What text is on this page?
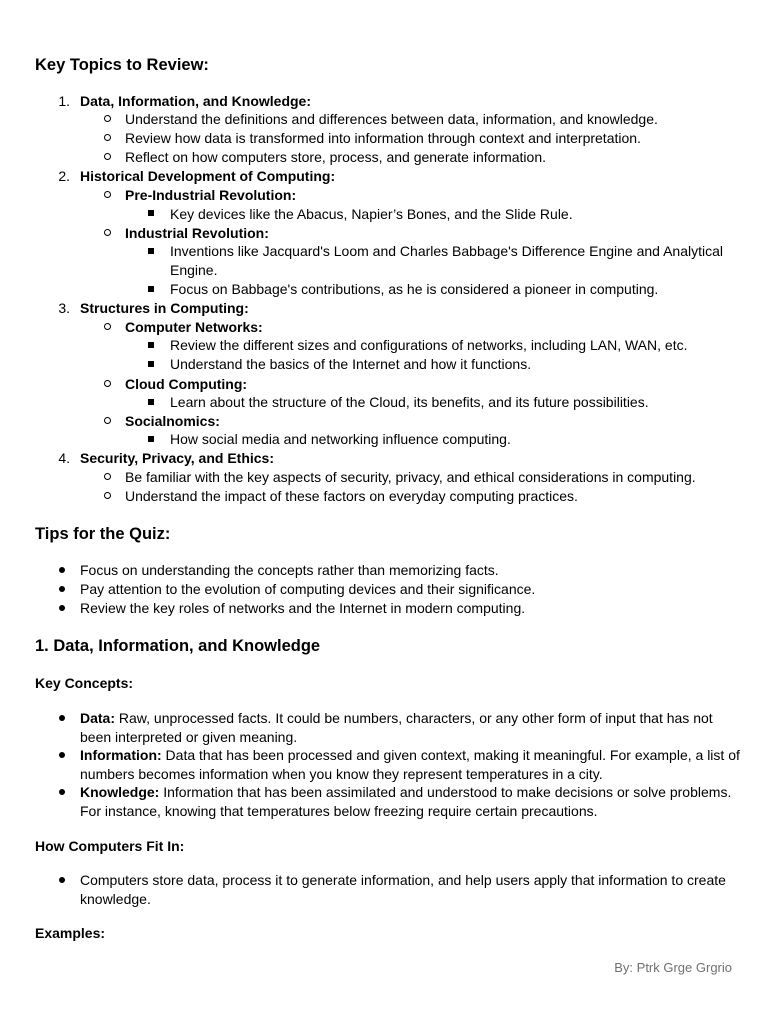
Key Topics to Review:
1. Data, Information, and Knowledge:
Understand the definitions and differences between data, information, and knowledge.
Review how data is transformed into information through context and interpretation.
Reflect on how computers store, process, and generate information.
2. Historical Development of Computing:
Pre-Industrial Revolution:
Key devices like the Abacus, Napier’s Bones, and the Slide Rule.
Industrial Revolution:
Inventions like Jacquard's Loom and Charles Babbage's Difference Engine and Analytical
Engine.
Focus on Babbage's contributions, as he is considered a pioneer in computing.
3. Structures in Computing:
Computer Networks:
Review the different sizes and configurations of networks, including LAN, WAN, etc.
Understand the basics of the Internet and how it functions.
Cloud Computing:
Learn about the structure of the Cloud, its benefits, and its future possibilities.
Socialnomics:
How social media and networking influence computing.
4. Security, Privacy, and Ethics:
Be familiar with the key aspects of security, privacy, and ethical considerations in computing.
Understand the impact of these factors on everyday computing practices.
Tips for the Quiz:
Focus on understanding the concepts rather than memorizing facts.
Pay attention to the evolution of computing devices and their significance.
Review the key roles of networks and the Internet in modern computing.
1. Data, Information, and Knowledge
Key Concepts:
Data: Raw, unprocessed facts. It could be numbers, characters, or any other form of input that has not
been interpreted or given meaning.
Information: Data that has been processed and given context, making it meaningful. For example, a list of
numbers becomes information when you know they represent temperatures in a city.
Knowledge: Information that has been assimilated and understood to make decisions or solve problems.
For instance, knowing that temperatures below freezing require certain precautions.
How Computers Fit In:
Computers store data, process it to generate information, and help users apply that information to create
knowledge.
Examples:
By: Ptrk Grge Grgrio
